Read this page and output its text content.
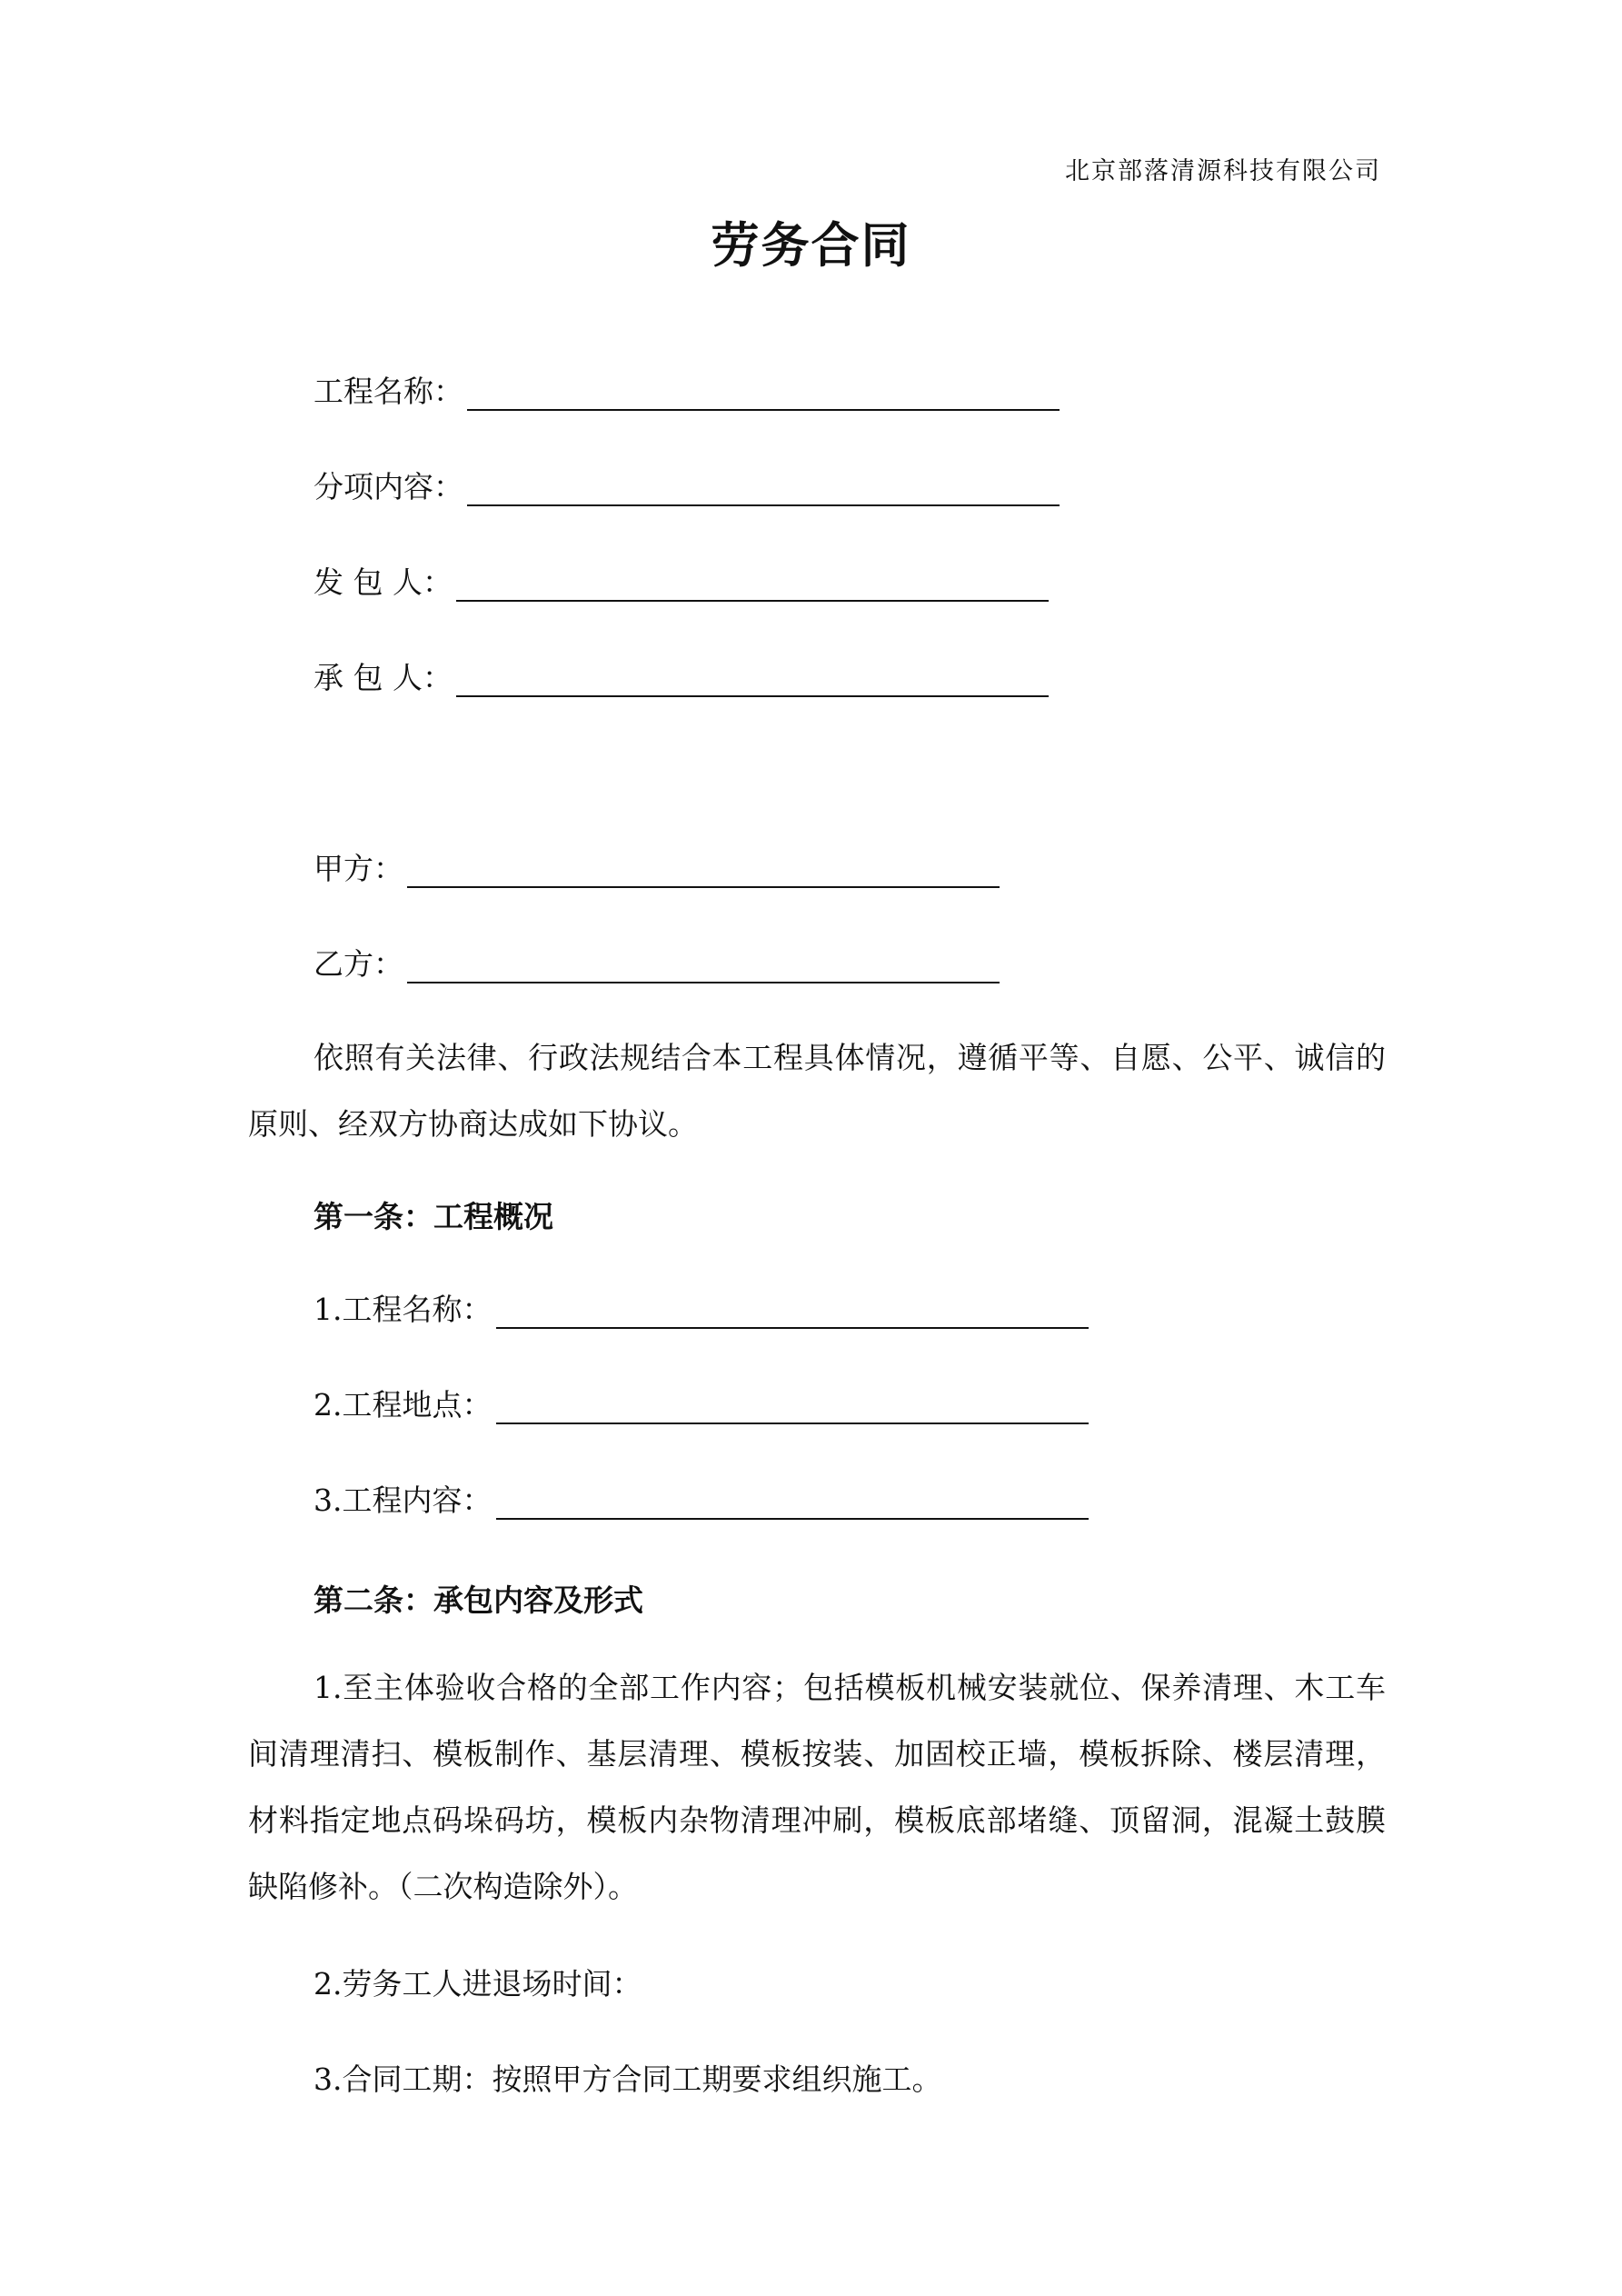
北京部落清源科技有限公司
劳务合同
工程名称：
分项内容：
发 包 人：
承 包 人：
甲方：
乙方：

依照有关法律、行政法规结合本工程具体情况，遵循平等、自愿、公平、诚信的原则、经双方协商达成如下协议。

第一条：工程概况
1.工程名称：
2.工程地点：
3.工程内容：
第二条：承包内容及形式

1.至主体验收合格的全部工作内容；包括模板机械安装就位、保养清理、木工车间清理清扫、模板制作、基层清理、模板按装、加固校正墙，模板拆除、楼层清理，材料指定地点码垛码坊，模板内杂物清理冲刷，模板底部堵缝、顶留洞，混凝土鼓膜缺陷修补。（二次构造除外）。

2.劳务工人进退场时间：
3.合同工期：按照甲方合同工期要求组织施工。
